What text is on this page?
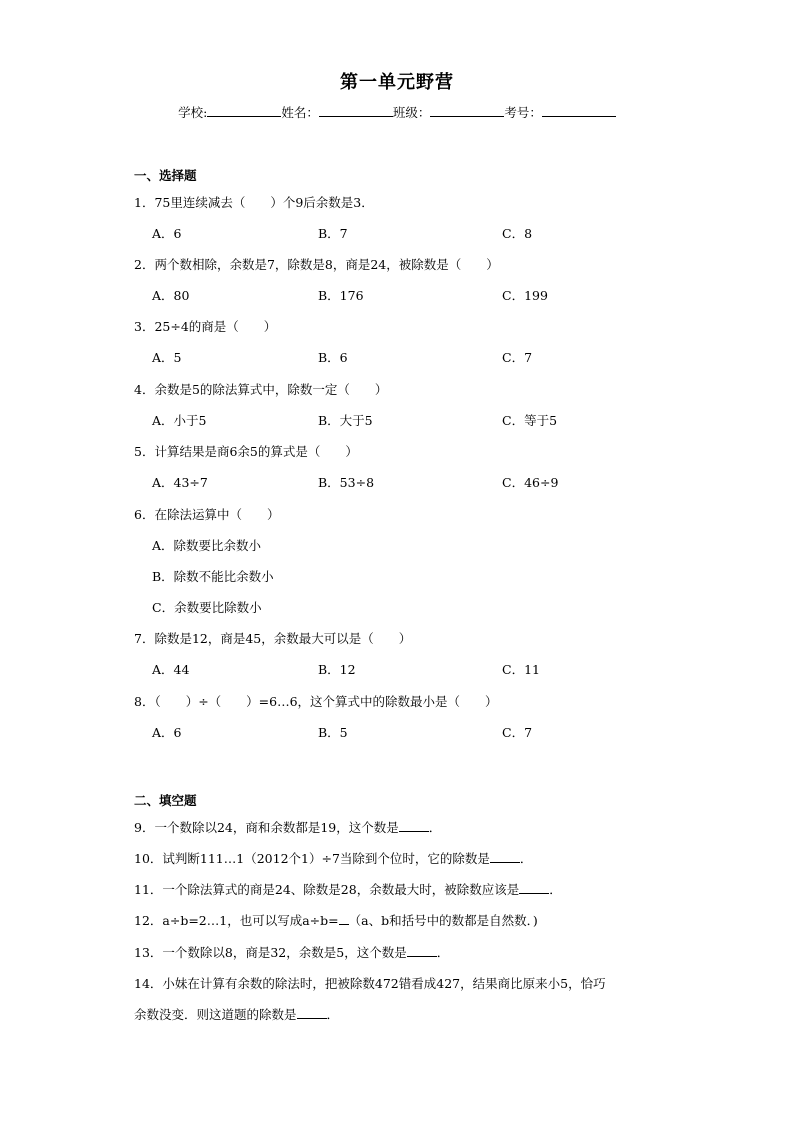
第一单元野营
学校:	姓名：	班级：	考号：
一、选择题
1．75里连续减去（　　）个9后余数是3．
A．6	B．7	C．8
2．两个数相除，余数是7，除数是8，商是24，被除数是（　　）
A．80	B．176	C．199
3．25÷4的商是（　　）
A．5	B．6	C．7
4．余数是5的除法算式中，除数一定（　　）
A．小于5	B．大于5	C．等于5
5．计算结果是商6余5的算式是（　　）
A．43÷7	B．53÷8	C．46÷9
6．在除法运算中（　　）
A．除数要比余数小
B．除数不能比余数小
C．余数要比除数小
7．除数是12，商是45，余数最大可以是（　　）
A．44	B．12	C．11
8．（　　）÷（　　）=6…6，这个算式中的除数最小是（　　）
A．6	B．5	C．7
二、填空题
9．一个数除以24，商和余数都是19，这个数是 ．
10．试判断111…1（2012个1）÷7当除到个位时，它的除数是 ．
11．一个除法算式的商是24、除数是28，余数最大时，被除数应该是 ．
12．a÷b=2…1，也可以写成a÷b= （a、b和括号中的数都是自然数．)
13．一个数除以8，商是32，余数是5，这个数是 ．
14．小妹在计算有余数的除法时，把被除数472错看成427，结果商比原来小5，恰巧
余数没变．则这道题的除数是 ．
